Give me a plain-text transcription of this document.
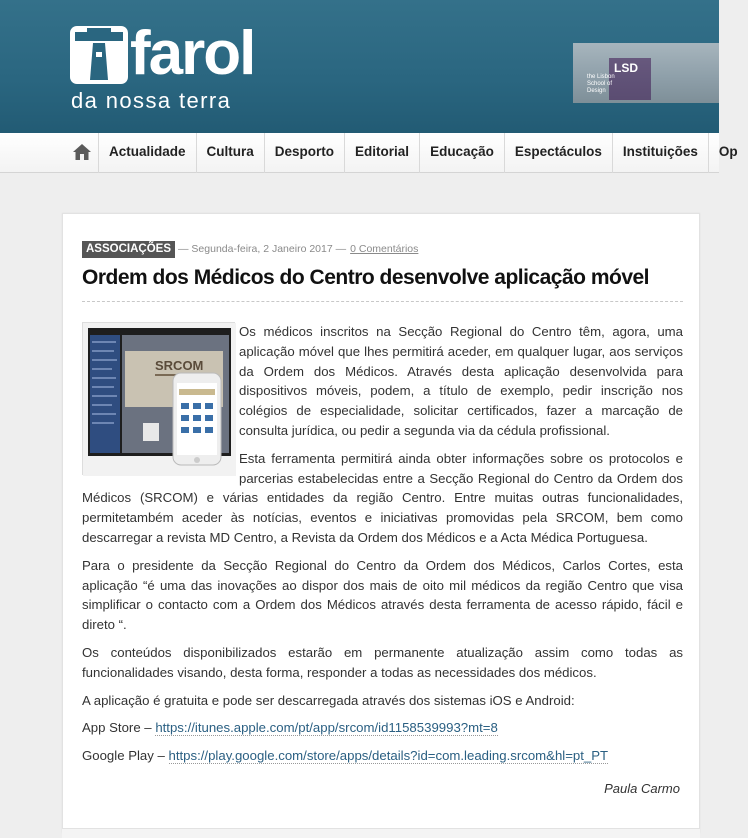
farol
da nossa terra
LSD
the Lisbon School of Design
Actualidade	Cultura	Desporto	Editorial	Educação	Espectáculos	Instituições	Op
ASSOCIAÇÕES — Segunda-feira, 2 Janeiro 2017 — 0 Comentários
Ordem dos Médicos do Centro desenvolve aplicação móvel
SRCOM

Os médicos inscritos na Secção Regional do Centro têm, agora, uma aplicação móvel que lhes permitirá aceder, em qualquer lugar, aos serviços da Ordem dos Médicos. Através desta aplicação desenvolvida para dispositivos móveis, podem, a título de exemplo, pedir inscrição nos colégios de especialidade, solicitar certificados, fazer a marcação de consulta jurídica, ou pedir a segunda via da cédula profissional.

Esta ferramenta permitirá ainda obter informações sobre os protocolos e parcerias estabelecidas entre a Secção Regional do Centro da Ordem dos Médicos (SRCOM) e várias entidades da região Centro. Entre muitas outras funcionalidades, permitetambém aceder às notícias, eventos e iniciativas promovidas pela SRCOM, bem como descarregar a revista MD Centro, a Revista da Ordem dos Médicos e a Acta Médica Portuguesa.

Para o presidente da Secção Regional do Centro da Ordem dos Médicos, Carlos Cortes, esta aplicação “é uma das inovações ao dispor dos mais de oito mil médicos da região Centro que visa simplificar o contacto com a Ordem dos Médicos através desta ferramenta de acesso rápido, fácil e direto “.

Os conteúdos disponibilizados estarão em permanente atualização assim como todas as funcionalidades visando, desta forma, responder a todas as necessidades dos médicos.

A aplicação é gratuita e pode ser descarregada através dos sistemas iOS e Android:

App Store – https://itunes.apple.com/pt/app/srcom/id1158539993?mt=8

Google Play – https://play.google.com/store/apps/details?id=com.leading.srcom&hl=pt_PT

Paula Carmo
